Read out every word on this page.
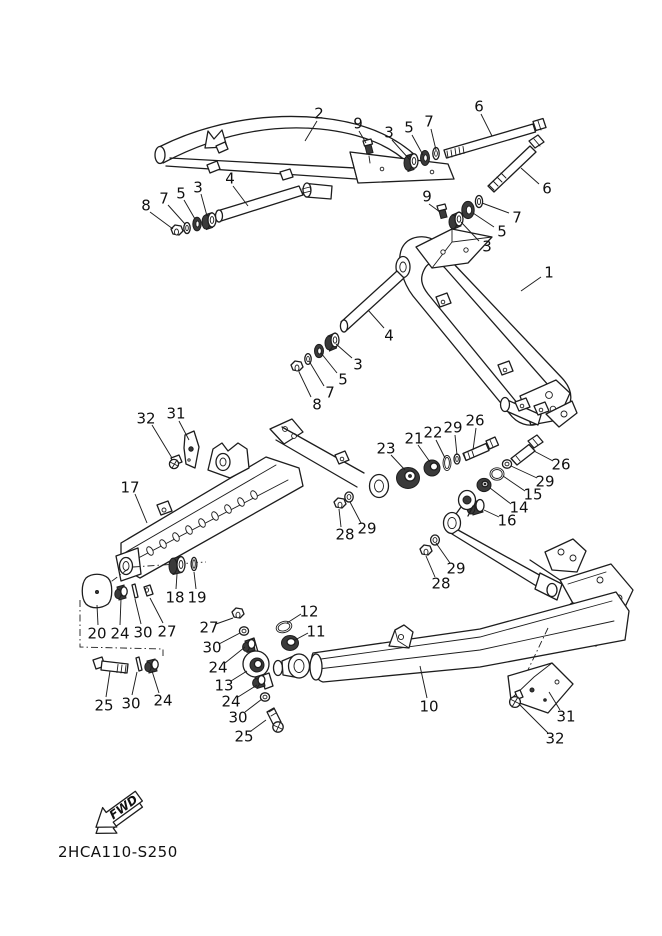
FWD
2HCA110-S250
2
9 3 5 7
6
6
9
7
5
3
1
8 7 5 3 4
4
3
5
7
8
32 31
17
23
21 22 29 26
26
29
15
14
16
29
28
29
28
12
11
18 19
20 24 30 27
25 30 24
27
30
24
13
24
30
25
10
31
32
